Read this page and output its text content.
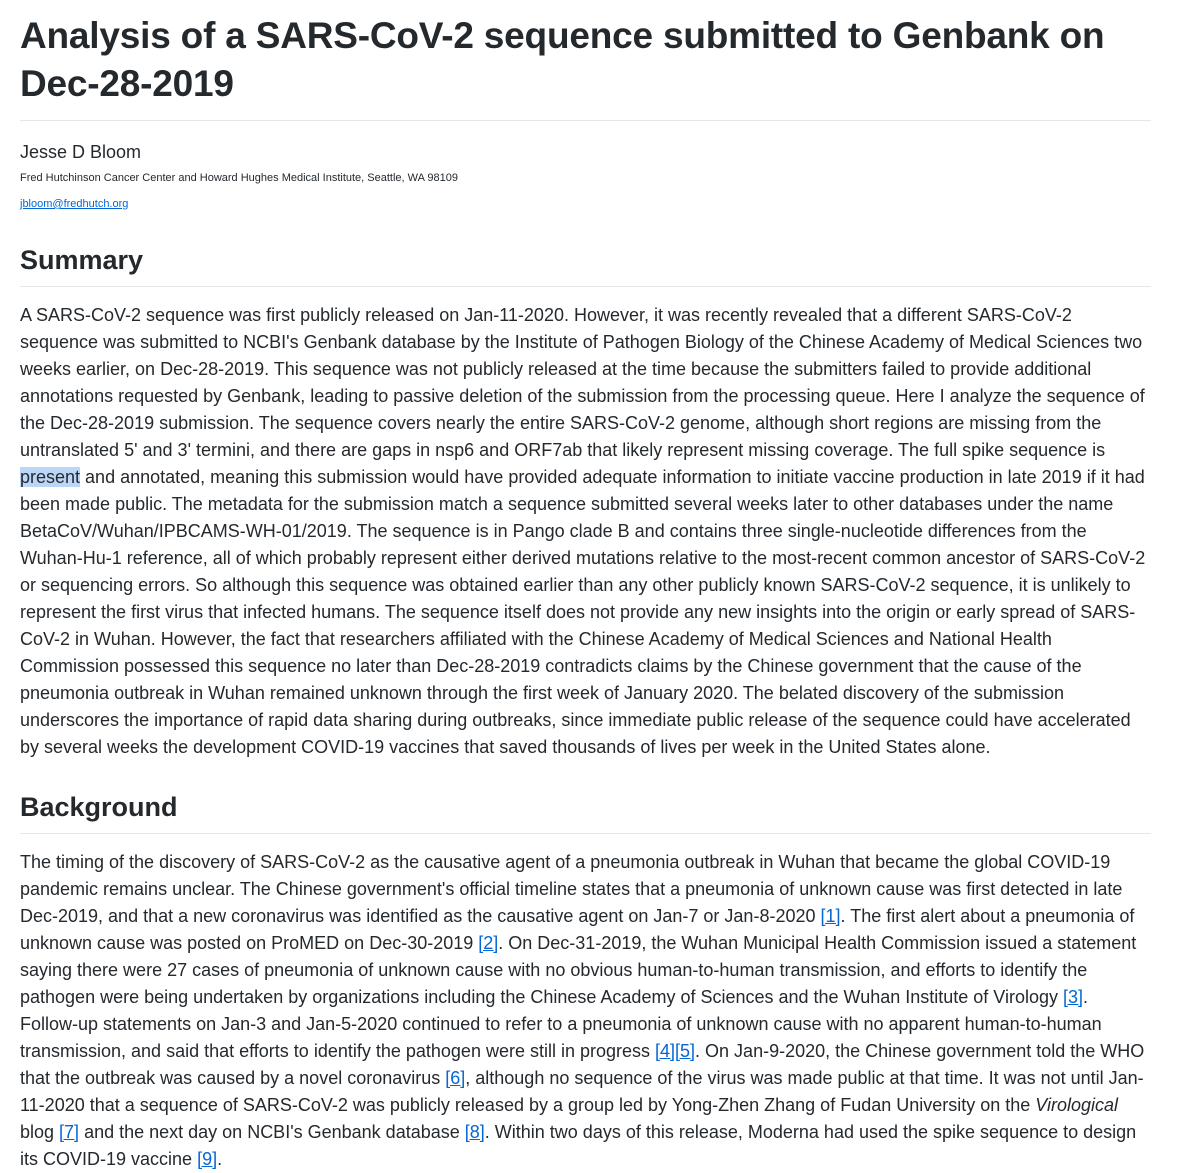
Analysis of a SARS-CoV-2 sequence submitted to Genbank on Dec-28-2019
Jesse D Bloom
Fred Hutchinson Cancer Center and Howard Hughes Medical Institute, Seattle, WA 98109
jbloom@fredhutch.org
Summary

A SARS-CoV-2 sequence was first publicly released on Jan-11-2020. However, it was recently revealed that a different SARS-CoV-2 sequence was submitted to NCBI's Genbank database by the Institute of Pathogen Biology of the Chinese Academy of Medical Sciences two weeks earlier, on Dec-28-2019. This sequence was not publicly released at the time because the submitters failed to provide additional annotations requested by Genbank, leading to passive deletion of the submission from the processing queue. Here I analyze the sequence of the Dec-28-2019 submission. The sequence covers nearly the entire SARS-CoV-2 genome, although short regions are missing from the untranslated 5' and 3' termini, and there are gaps in nsp6 and ORF7ab that likely represent missing coverage. The full spike sequence is present and annotated, meaning this submission would have provided adequate information to initiate vaccine production in late 2019 if it had been made public. The metadata for the submission match a sequence submitted several weeks later to other databases under the name BetaCoV/Wuhan/IPBCAMS-WH-01/2019. The sequence is in Pango clade B and contains three single-nucleotide differences from the Wuhan-Hu-1 reference, all of which probably represent either derived mutations relative to the most-recent common ancestor of SARS-CoV-2 or sequencing errors. So although this sequence was obtained earlier than any other publicly known SARS-CoV-2 sequence, it is unlikely to represent the first virus that infected humans. The sequence itself does not provide any new insights into the origin or early spread of SARS-CoV-2 in Wuhan. However, the fact that researchers affiliated with the Chinese Academy of Medical Sciences and National Health Commission possessed this sequence no later than Dec-28-2019 contradicts claims by the Chinese government that the cause of the pneumonia outbreak in Wuhan remained unknown through the first week of January 2020. The belated discovery of the submission underscores the importance of rapid data sharing during outbreaks, since immediate public release of the sequence could have accelerated by several weeks the development COVID-19 vaccines that saved thousands of lives per week in the United States alone.

Background

The timing of the discovery of SARS-CoV-2 as the causative agent of a pneumonia outbreak in Wuhan that became the global COVID-19 pandemic remains unclear. The Chinese government's official timeline states that a pneumonia of unknown cause was first detected in late Dec-2019, and that a new coronavirus was identified as the causative agent on Jan-7 or Jan-8-2020 [1]. The first alert about a pneumonia of unknown cause was posted on ProMED on Dec-30-2019 [2]. On Dec-31-2019, the Wuhan Municipal Health Commission issued a statement saying there were 27 cases of pneumonia of unknown cause with no obvious human-to-human transmission, and efforts to identify the pathogen were being undertaken by organizations including the Chinese Academy of Sciences and the Wuhan Institute of Virology [3]. Follow-up statements on Jan-3 and Jan-5-2020 continued to refer to a pneumonia of unknown cause with no apparent human-to-human transmission, and said that efforts to identify the pathogen were still in progress [4][5]. On Jan-9-2020, the Chinese government told the WHO that the outbreak was caused by a novel coronavirus [6], although no sequence of the virus was made public at that time. It was not until Jan-11-2020 that a sequence of SARS-CoV-2 was publicly released by a group led by Yong-Zhen Zhang of Fudan University on the Virological blog [7] and the next day on NCBI's Genbank database [8]. Within two days of this release, Moderna had used the spike sequence to design its COVID-19 vaccine [9].
